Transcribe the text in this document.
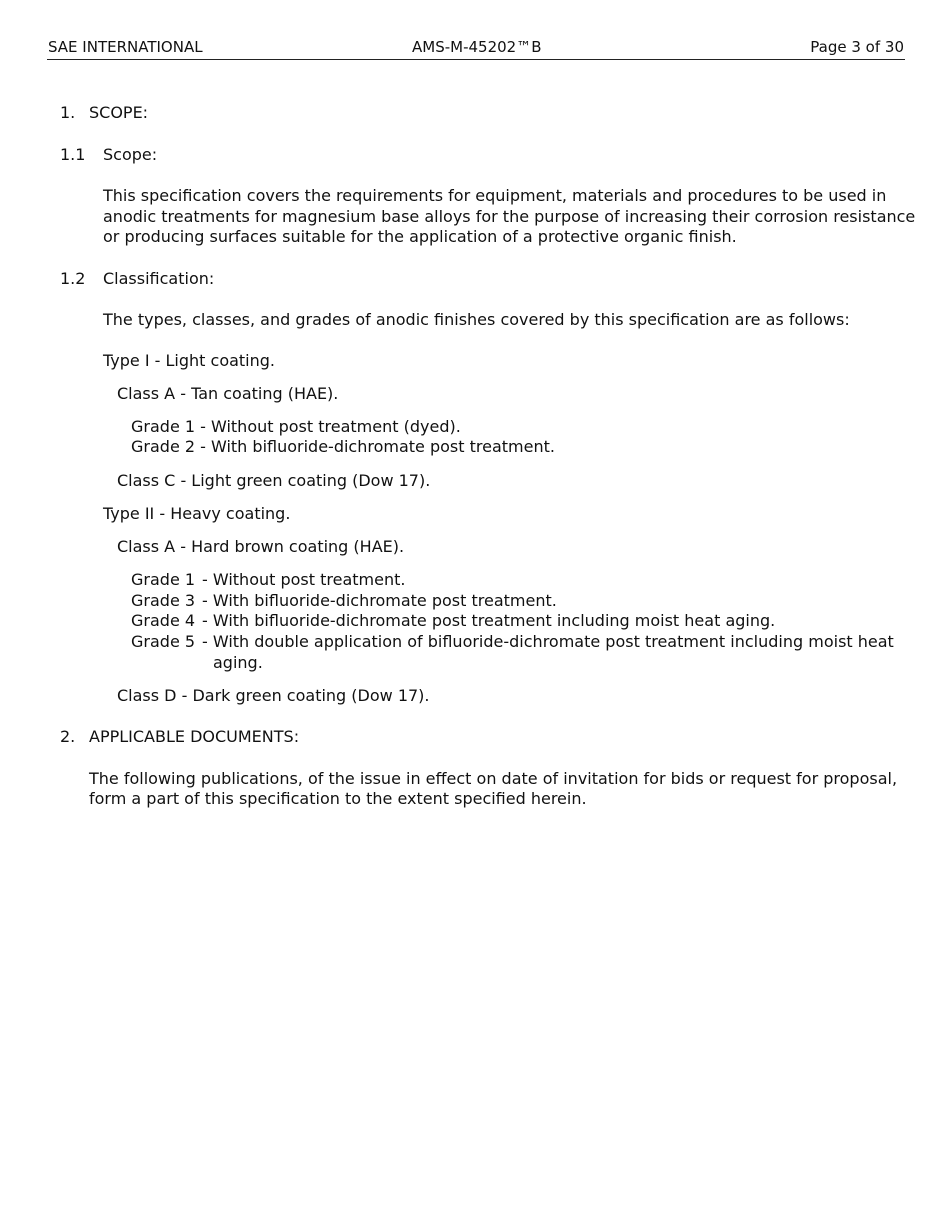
SAE INTERNATIONAL	AMS-M-45202™B	Page 3 of 30
1. SCOPE:
1.1 Scope:
This specification covers the requirements for equipment, materials and procedures to be used in
anodic treatments for magnesium base alloys for the purpose of increasing their corrosion resistance
or producing surfaces suitable for the application of a protective organic finish.
1.2 Classification:
The types, classes, and grades of anodic finishes covered by this specification are as follows:
Type I - Light coating.
Class A - Tan coating (HAE).
Grade 1 - Without post treatment (dyed).
Grade 2 - With bifluoride-dichromate post treatment.
Class C - Light green coating (Dow 17).
Type II - Heavy coating.
Class A - Hard brown coating (HAE).
Grade 1 - Without post treatment.
Grade 3 - With bifluoride-dichromate post treatment.
Grade 4 - With bifluoride-dichromate post treatment including moist heat aging.
Grade 5 - With double application of bifluoride-dichromate post treatment including moist heat
aging.
Class D - Dark green coating (Dow 17).
2. APPLICABLE DOCUMENTS:
The following publications, of the issue in effect on date of invitation for bids or request for proposal,
form a part of this specification to the extent specified herein.
